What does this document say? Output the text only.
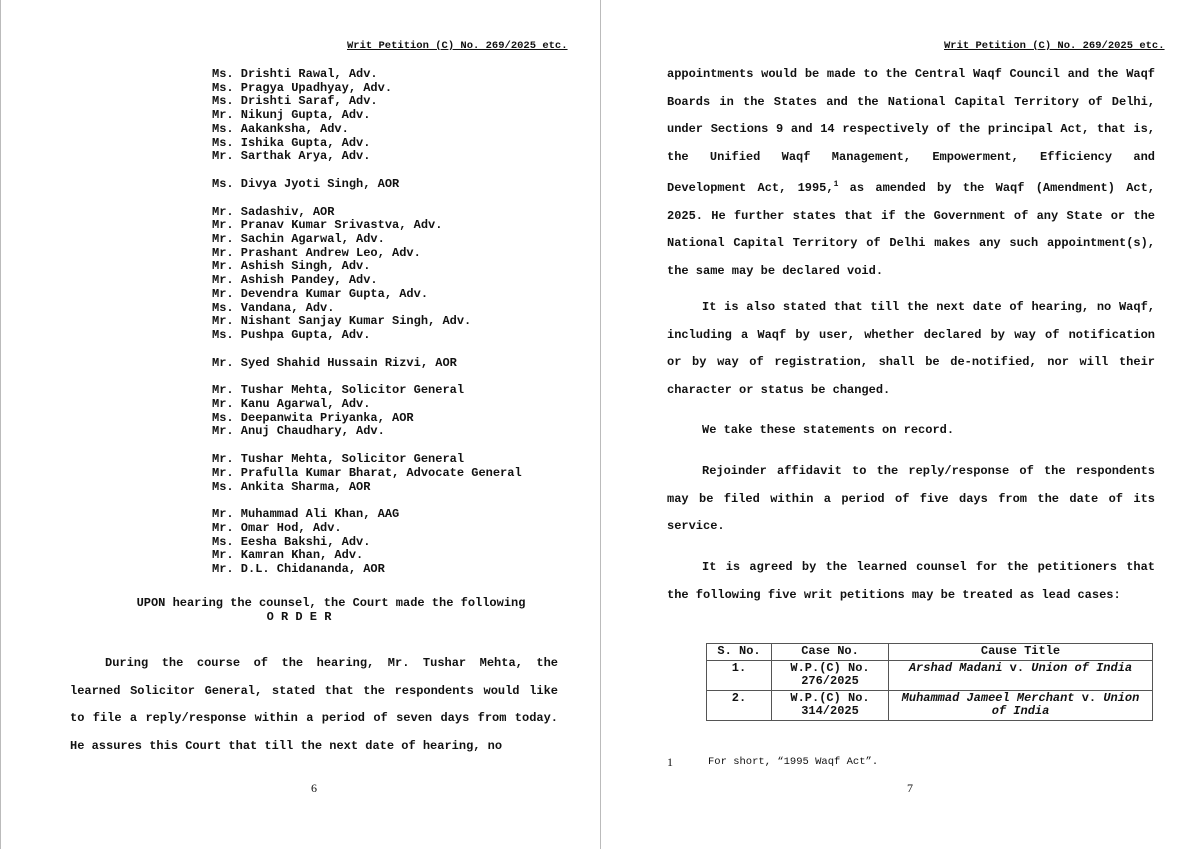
Writ Petition (C) No. 269/2025 etc.
Ms. Drishti Rawal, Adv.
Ms. Pragya Upadhyay, Adv.
Ms. Drishti Saraf, Adv.
Mr. Nikunj Gupta, Adv.
Ms. Aakanksha, Adv.
Ms. Ishika Gupta, Adv.
Mr. Sarthak Arya, Adv.
Ms. Divya Jyoti Singh, AOR
Mr. Sadashiv, AOR
Mr. Pranav Kumar Srivastva, Adv.
Mr. Sachin Agarwal, Adv.
Mr. Prashant Andrew Leo, Adv.
Mr. Ashish Singh, Adv.
Mr. Ashish Pandey, Adv.
Mr. Devendra Kumar Gupta, Adv.
Ms. Vandana, Adv.
Mr. Nishant Sanjay Kumar Singh, Adv.
Ms. Pushpa Gupta, Adv.
Mr. Syed Shahid Hussain Rizvi, AOR
Mr. Tushar Mehta, Solicitor General
Mr. Kanu Agarwal, Adv.
Ms. Deepanwita Priyanka, AOR
Mr. Anuj Chaudhary, Adv.
Mr. Tushar Mehta, Solicitor General
Mr. Prafulla Kumar Bharat, Advocate General
Ms. Ankita Sharma, AOR
Mr. Muhammad Ali Khan, AAG
Mr. Omar Hod, Adv.
Ms. Eesha Bakshi, Adv.
Mr. Kamran Khan, Adv.
Mr. D.L. Chidananda, AOR
UPON hearing the counsel, the Court made the following
O R D E R
During the course of the hearing, Mr. Tushar Mehta, the learned Solicitor General, stated that the respondents would like to file a reply/response within a period of seven days from today. He assures this Court that till the next date of hearing, no
6
Writ Petition (C) No. 269/2025 etc.
appointments would be made to the Central Waqf Council and the Waqf Boards in the States and the National Capital Territory of Delhi, under Sections 9 and 14 respectively of the principal Act, that is, the Unified Waqf Management, Empowerment, Efficiency and Development Act, 1995,$^1$ as amended by the Waqf (Amendment) Act, 2025. He further states that if the Government of any State or the National Capital Territory of Delhi makes any such appointment(s), the same may be declared void.
It is also stated that till the next date of hearing, no Waqf, including a Waqf by user, whether declared by way of notification or by way of registration, shall be de-notified, nor will their character or status be changed.
We take these statements on record.
Rejoinder affidavit to the reply/response of the respondents may be filed within a period of five days from the date of its service.
It is agreed by the learned counsel for the petitioners that the following five writ petitions may be treated as lead cases:
S. No.	Case No.	Cause Title
1.	W.P.(C) No. 276/2025	Arshad Madani v. Union of India
2.	W.P.(C) No. 314/2025	Muhammad Jameel Merchant v. Union of India
1	For short, “1995 Waqf Act”.
7
